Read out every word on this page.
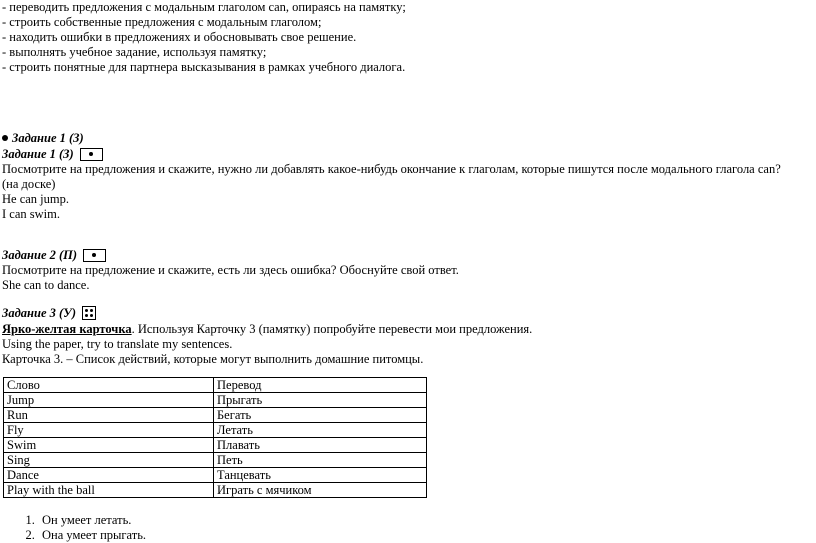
- переводить предложения с модальным глаголом can, опираясь на памятку;
- строить собственные предложения с модальным глаголом;
- находить ошибки в предложениях и обосновывать свое решение.
- выполнять учебное задание, используя памятку;
- строить понятные для партнера высказывания в рамках учебного диалога.
Задание 1 (З)
Задание 1 (З)
Посмотрите на предложения и скажите, нужно ли добавлять какое-нибудь окончание к глаголам, которые пишутся после модального глагола can?
(на доске)
He can jump.
I can swim.
Задание 2 (П)
Посмотрите на предложение и скажите, есть ли здесь ошибка? Обоснуйте свой ответ.
She can to dance.
Задание 3 (У)
Ярко-желтая карточка. Используя Карточку 3 (памятку) попробуйте перевести мои предложения.
Using the paper, try to translate my sentences.
Карточка 3. – Список действий, которые могут выполнить домашние питомцы.
Слово	Перевод
Jump	Прыгать
Run	Бегать
Fly	Летать
Swim	Плавать
Sing	Петь
Dance	Танцевать
Play with the ball	Играть с мячиком
1. Он умеет летать.
2. Она умеет прыгать.
